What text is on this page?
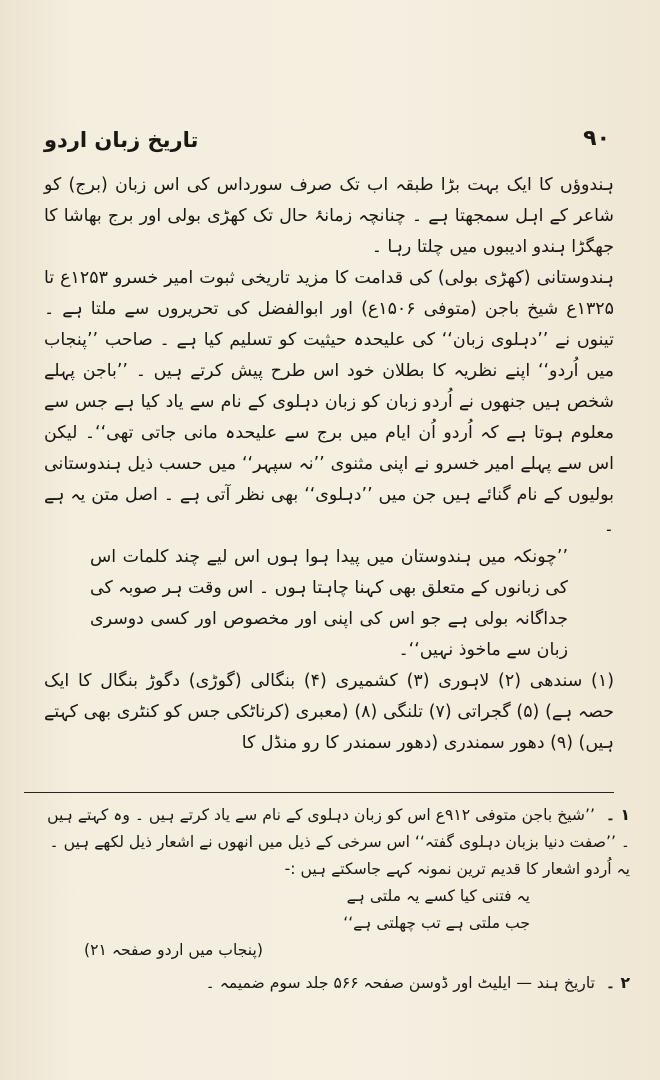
۹۰
تاریخ زبان اردو

ہندوؤں کا ایک بہت بڑا طبقہ اب تک صرف سورداس کی اس زبان (برج) کو شاعر کے اہل سمجھتا ہے ۔ چنانچہ زمانۂ حال تک کھڑی بولی اور برج بھاشا کا جھگڑا ہندو ادیبوں میں چلتا رہا ۔

ہندوستانی (کھڑی بولی) کی قدامت کا مزید تاریخی ثبوت امیر خسرو ۱۲۵۳ع تا ۱۳۲۵ع شیخ باجن (متوفی ۱۵۰۶ع) اور ابوالفضل کی تحریروں سے ملتا ہے ۔ تینوں نے ’’دہلوی زبان‘‘ کی علیحدہ حیثیت کو تسلیم کیا ہے ۔ صاحب ’’پنجاب میں اُردو‘‘ اپنے نظریہ کا بطلان خود اس طرح پیش کرتے ہیں ۔ ’’باجن پہلے شخص ہیں جنھوں نے اُردو زبان کو زبان دہلوی کے نام سے یاد کیا ہے جس سے معلوم ہوتا ہے کہ اُردو اُن ایام میں برج سے علیحدہ مانی جاتی تھی‘‘۔ لیکن اس سے پہلے امیر خسرو نے اپنی مثنوی ’’نہ سپہر‘‘ میں حسب ذیل ہندوستانی بولیوں کے نام گنائے ہیں جن میں ’’دہلوی‘‘ بھی نظر آتی ہے ۔ اصل متن یہ ہے ۔

’’چونکہ میں ہندوستان میں پیدا ہوا ہوں اس لیے چند کلمات اس کی زبانوں کے متعلق بھی کہنا چاہتا ہوں ۔ اس وقت ہر صوبہ کی جداگانہ بولی ہے جو اس کی اپنی اور مخصوص اور کسی دوسری زبان سے ماخوذ نہیں‘‘۔

(۱) سندھی (۲) لاہوری (۳) کشمیری (۴) بنگالی (گوڑی) دگوڑ بنگال کا ایک حصہ ہے) (۵) گجراتی (۷) تلنگی (۸) (معبری (کرناٹکی جس کو کنٹری بھی کہتے ہیں) (۹) دھور سمندری (دھور سمندر کا رو منڈل کا

۱ ۔ ’’شیخ باجن متوفی ۹۱۲ع اس کو زبان دہلوی کے نام سے یاد کرتے ہیں ۔ وہ کہتے ہیں ۔ ’’صفت دنیا بزبان دہلوی گفتہ‘‘ اس سرخی کے ذیل میں انھوں نے اشعار ذیل لکھے ہیں ۔ یہ اُردو اشعار کا قدیم ترین نمونہ کہے جاسکتے ہیں :-

یہ فتنی کیا کسے یہ ملتی ہے

جب ملتی ہے تب چھلتی ہے‘‘

(پنجاب میں اردو صفحہ ۲۱)

۲ ۔ تاریخ ہند — ایلیٹ اور ڈوسن صفحہ ۵۶۶ جلد سوم ضمیمہ ۔
